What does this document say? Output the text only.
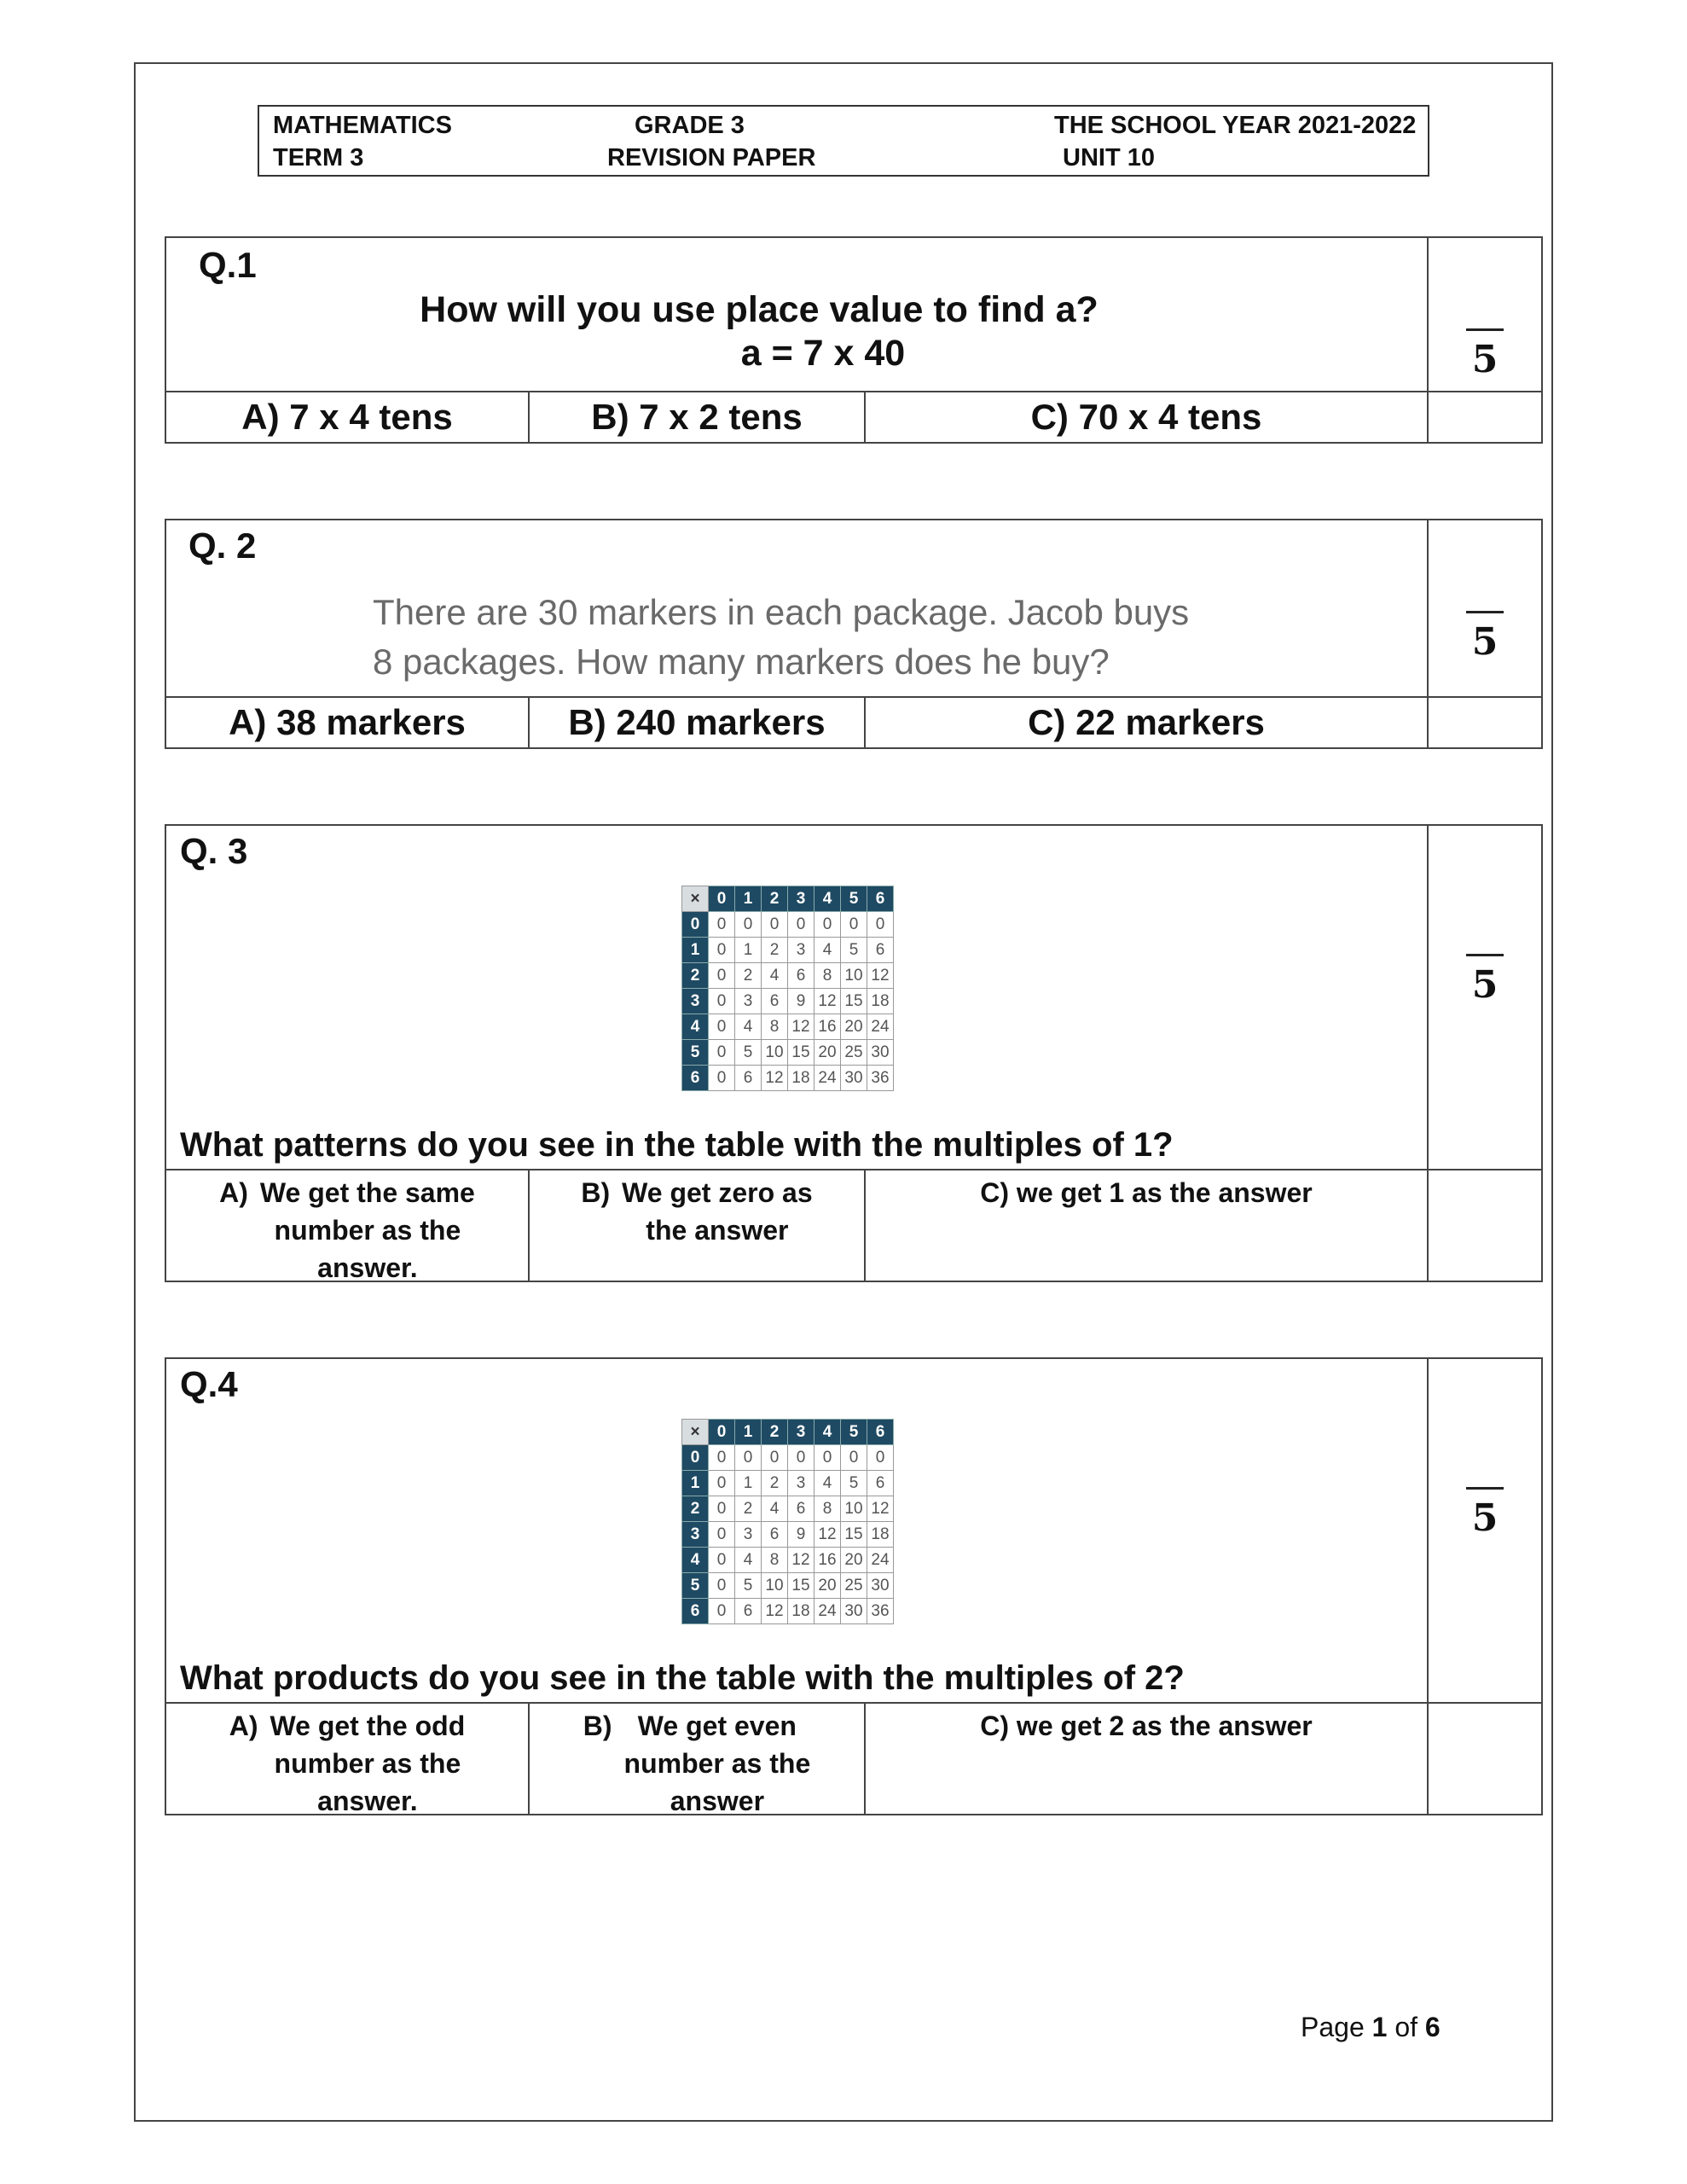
MATHEMATICS
TERM 3
GRADE 3
REVISION PAPER
THE SCHOOL YEAR 2021-2022
UNIT 10
Q.1
How will you use place value to find a?
a = 7 x 40	5
A) 7 x 4 tens	B) 7 x 2 tens	C) 70 x 4 tens
Q. 2
There are 30 markers in each package. Jacob buys
8 packages. How many markers does he buy?	5
A) 38 markers	B) 240 markers	C) 22 markers
Q. 3
×	0	1	2	3	4	5	6
0	0	0	0	0	0	0	0
1	0	1	2	3	4	5	6
2	0	2	4	6	8	10	12
3	0	3	6	9	12	15	18
4	0	4	8	12	16	20	24
5	0	5	10	15	20	25	30
6	0	6	12	18	24	30	36
What patterns do you see in the table with the multiples of 1?
5
A) We get the same
number as the
answer.
B) We get zero as
the answer
C) we get 1 as the answer
Q.4
×	0	1	2	3	4	5	6
0	0	0	0	0	0	0	0
1	0	1	2	3	4	5	6
2	0	2	4	6	8	10	12
3	0	3	6	9	12	15	18
4	0	4	8	12	16	20	24
5	0	5	10	15	20	25	30
6	0	6	12	18	24	30	36
What products do you see in the table with the multiples of 2?
5
A) We get the odd
number as the
answer.
B) We get even
number as the
answer
C) we get 2 as the answer
Page 1 of 6
